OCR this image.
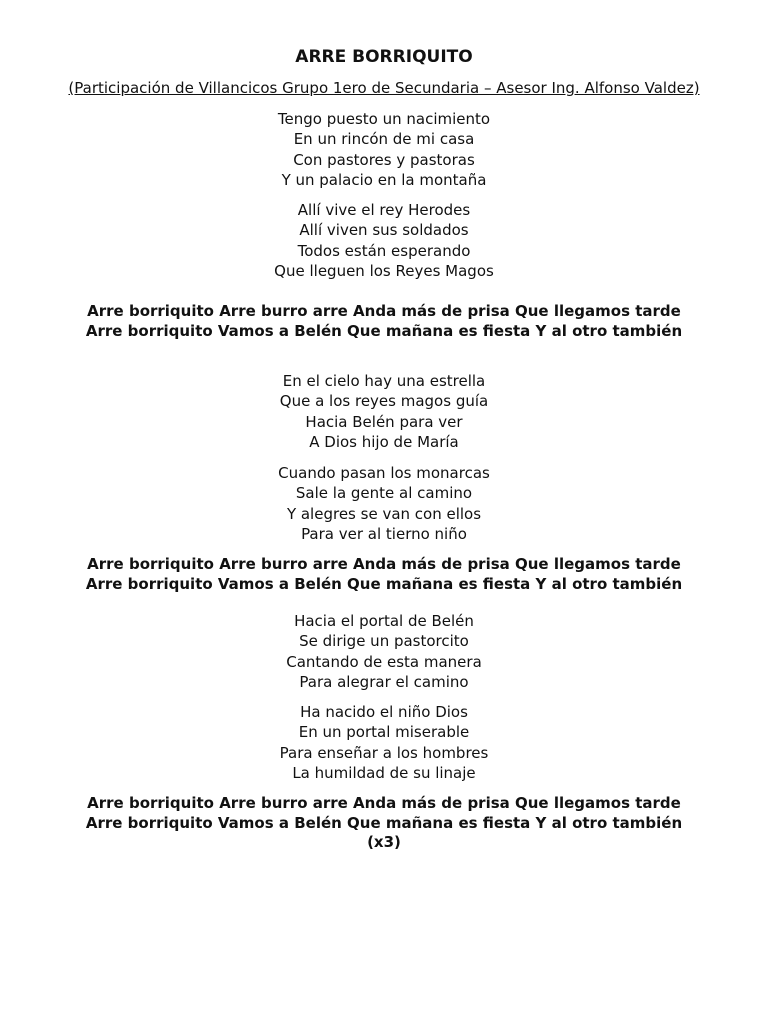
ARRE BORRIQUITO
(Participación de Villancicos Grupo 1ero de Secundaria – Asesor Ing. Alfonso Valdez)
Tengo puesto un nacimiento
En un rincón de mi casa
Con pastores y pastoras
Y un palacio en la montaña
Allí vive el rey Herodes
Allí viven sus soldados
Todos están esperando
Que lleguen los Reyes Magos
Arre borriquito Arre burro arre Anda más de prisa Que llegamos tarde
Arre borriquito Vamos a Belén Que mañana es fiesta Y al otro también
En el cielo hay una estrella
Que a los reyes magos guía
Hacia Belén para ver
A Dios hijo de María
Cuando pasan los monarcas
Sale la gente al camino
Y alegres se van con ellos
Para ver al tierno niño
Arre borriquito Arre burro arre Anda más de prisa Que llegamos tarde
Arre borriquito Vamos a Belén Que mañana es fiesta Y al otro también
Hacia el portal de Belén
Se dirige un pastorcito
Cantando de esta manera
Para alegrar el camino
Ha nacido el niño Dios
En un portal miserable
Para enseñar a los hombres
La humildad de su linaje
Arre borriquito Arre burro arre Anda más de prisa Que llegamos tarde
Arre borriquito Vamos a Belén Que mañana es fiesta Y al otro también
(x3)
